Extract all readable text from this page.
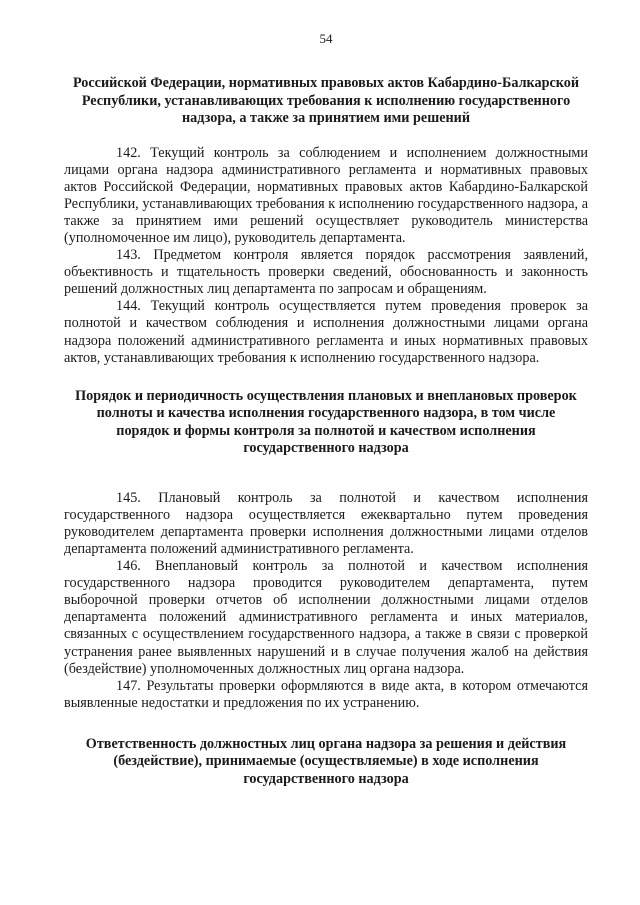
54

Российской Федерации, нормативных правовых актов Кабардино-Балкарской Республики, устанавливающих требования к исполнению государственного надзора, а также за принятием ими решений

142. Текущий контроль за соблюдением и исполнением должностными лицами органа надзора административного регламента и нормативных правовых актов Российской Федерации, нормативных правовых актов Кабардино-Балкарской Республики, устанавливающих требования к исполнению государственного надзора, а также за принятием ими решений осуществляет руководитель министерства (уполномоченное им лицо), руководитель департамента.

143. Предметом контроля является порядок рассмотрения заявлений, объективность и тщательность проверки сведений, обоснованность и законность решений должностных лиц департамента по запросам и обращениям.

144. Текущий контроль осуществляется путем проведения проверок за полнотой и качеством соблюдения и исполнения должностными лицами органа надзора положений административного регламента и иных нормативных правовых актов, устанавливающих требования к исполнению государственного надзора.

Порядок и периодичность осуществления плановых и внеплановых проверок полноты и качества исполнения государственного надзора, в том числе порядок и формы контроля за полнотой и качеством исполнения государственного надзора

145. Плановый контроль за полнотой и качеством исполнения государственного надзора осуществляется ежеквартально путем проведения руководителем департамента проверки исполнения должностными лицами отделов департамента положений административного регламента.

146. Внеплановый контроль за полнотой и качеством исполнения государственного надзора проводится руководителем департамента, путем выборочной проверки отчетов об исполнении должностными лицами отделов департамента положений административного регламента и иных материалов, связанных с осуществлением государственного надзора, а также в связи с проверкой устранения ранее выявленных нарушений и в случае получения жалоб на действия (бездействие) уполномоченных должностных лиц органа надзора.

147. Результаты проверки оформляются в виде акта, в котором отмечаются выявленные недостатки и предложения по их устранению.

Ответственность должностных лиц органа надзора за решения и действия (бездействие), принимаемые (осуществляемые) в ходе исполнения государственного надзора
